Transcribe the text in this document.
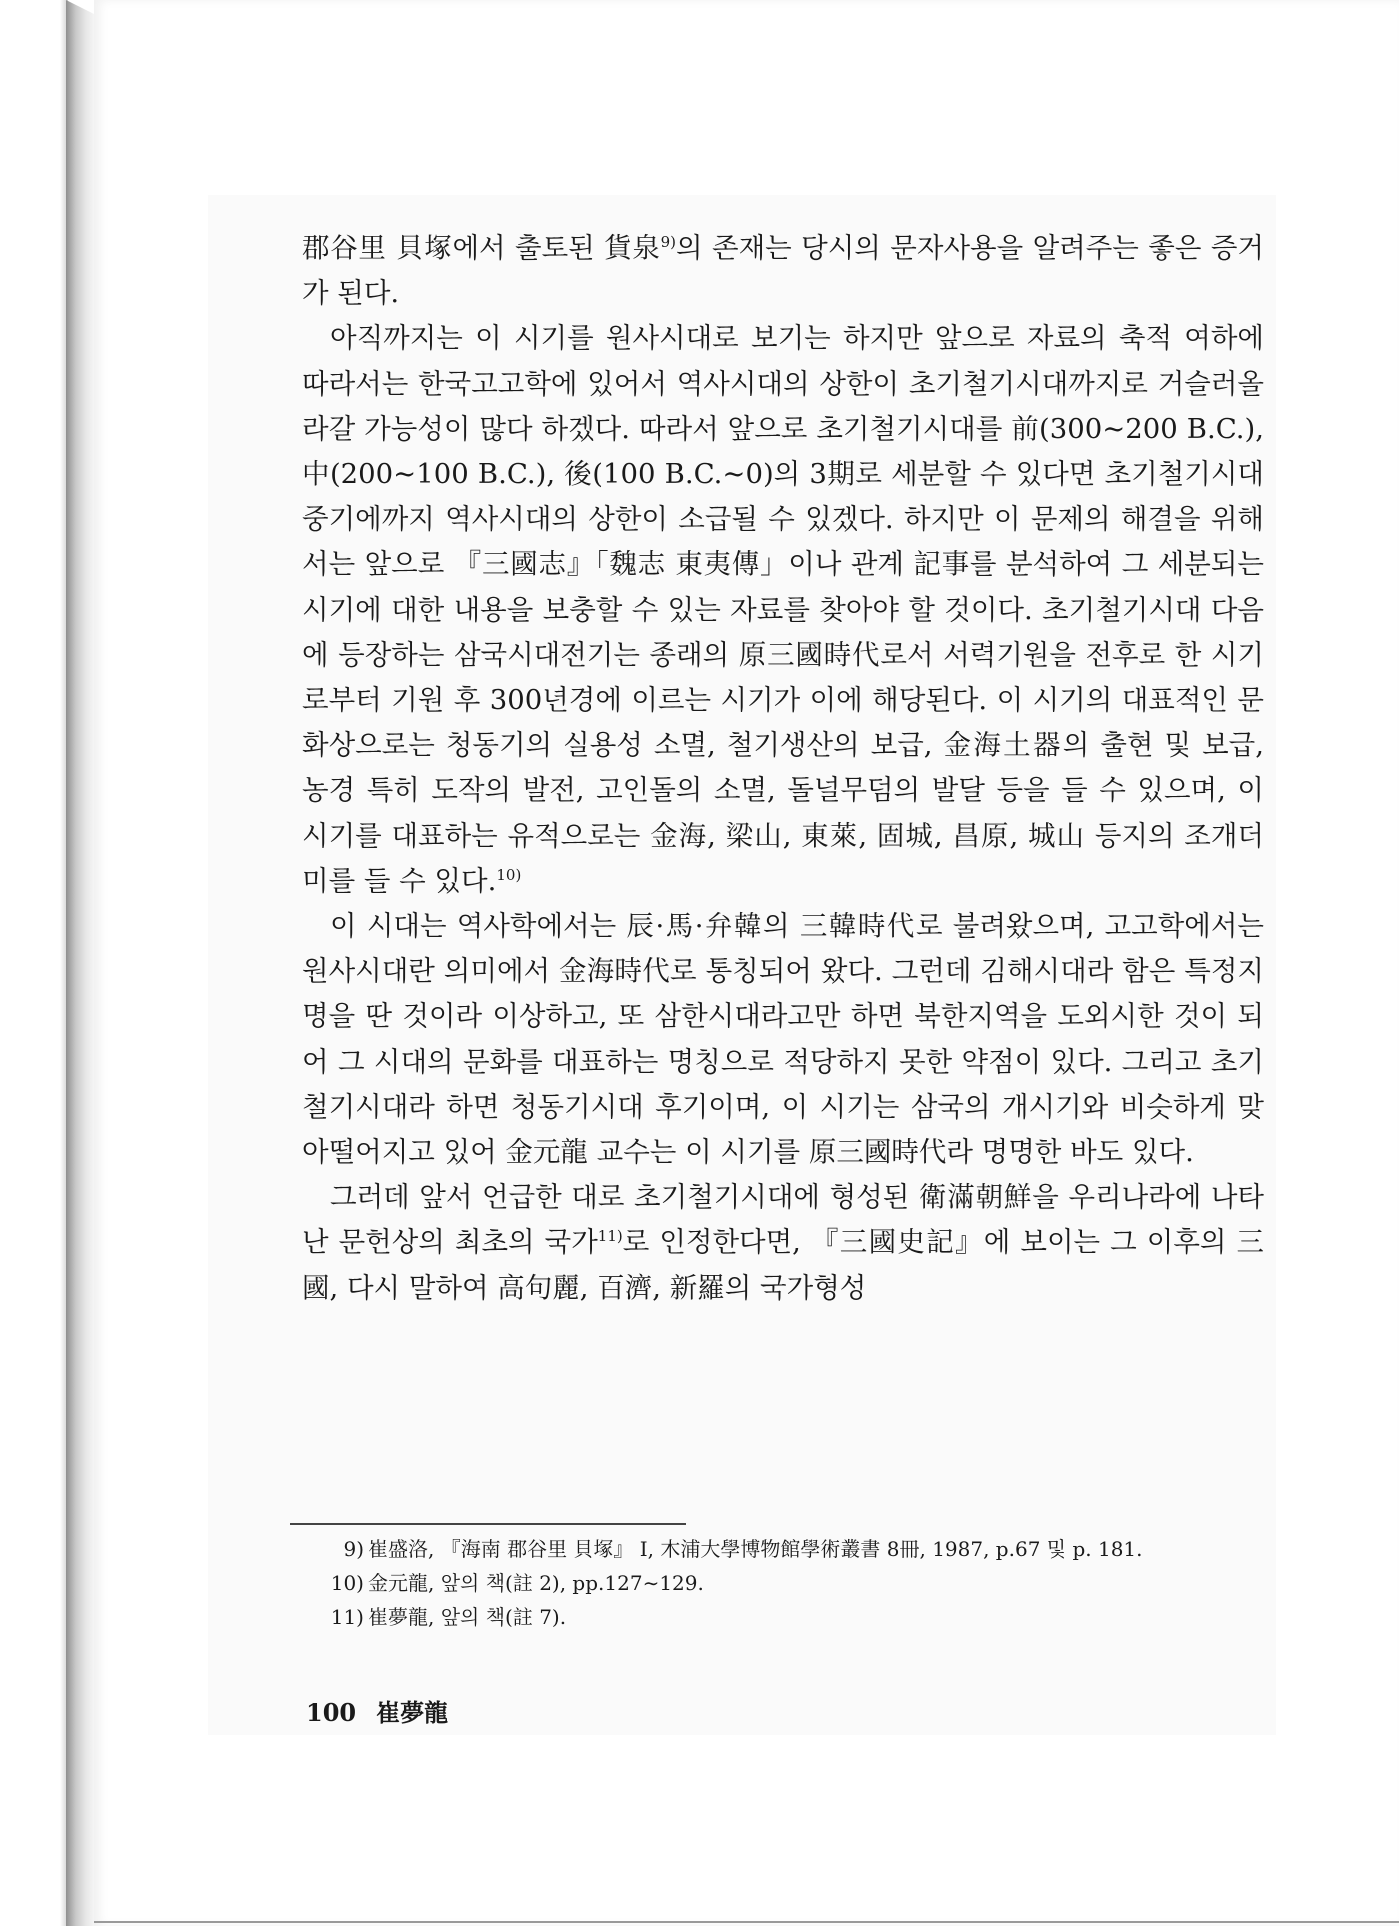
郡谷里 貝塚에서 출토된 貨泉$^{9)}$의 존재는 당시의 문자사용을 알려주는 좋은 증거가 된다.

아직까지는 이 시기를 원사시대로 보기는 하지만 앞으로 자료의 축적 여하에 따라서는 한국고고학에 있어서 역사시대의 상한이 초기철기시대까지로 거슬러올라갈 가능성이 많다 하겠다. 따라서 앞으로 초기철기시대를 前(300∼200 B.C.), 中(200∼100 B.C.), 後(100 B.C.∼0)의 3期로 세분할 수 있다면 초기철기시대 중기에까지 역사시대의 상한이 소급될 수 있겠다. 하지만 이 문제의 해결을 위해서는 앞으로 『三國志』「魏志 東夷傳」이나 관계 記事를 분석하여 그 세분되는 시기에 대한 내용을 보충할 수 있는 자료를 찾아야 할 것이다. 초기철기시대 다음에 등장하는 삼국시대전기는 종래의 原三國時代로서 서력기원을 전후로 한 시기로부터 기원 후 300년경에 이르는 시기가 이에 해당된다. 이 시기의 대표적인 문화상으로는 청동기의 실용성 소멸, 철기생산의 보급, 金海土器의 출현 및 보급, 농경 특히 도작의 발전, 고인돌의 소멸, 돌널무덤의 발달 등을 들 수 있으며, 이 시기를 대표하는 유적으로는 金海, 梁山, 東萊, 固城, 昌原, 城山 등지의 조개더미를 들 수 있다.$^{10)}$

이 시대는 역사학에서는 辰·馬·弁韓의 三韓時代로 불려왔으며, 고고학에서는 원사시대란 의미에서 金海時代로 통칭되어 왔다. 그런데 김해시대라 함은 특정지명을 딴 것이라 이상하고, 또 삼한시대라고만 하면 북한지역을 도외시한 것이 되어 그 시대의 문화를 대표하는 명칭으로 적당하지 못한 약점이 있다. 그리고 초기철기시대라 하면 청동기시대 후기이며, 이 시기는 삼국의 개시기와 비슷하게 맞아떨어지고 있어 金元龍 교수는 이 시기를 原三國時代라 명명한 바도 있다.

그러데 앞서 언급한 대로 초기철기시대에 형성된 衛滿朝鮮을 우리나라에 나타난 문헌상의 최초의 국가$^{11)}$로 인정한다면, 『三國史記』에 보이는 그 이후의 三國, 다시 말하여 高句麗, 百濟, 新羅의 국가형성

9) 崔盛洛, 『海南 郡谷里 貝塚』 I, 木浦大學博物館學術叢書 8冊, 1987, p.67 및 p. 181.
10) 金元龍, 앞의 책(註 2), pp.127∼129.
11) 崔夢龍, 앞의 책(註 7).
100 崔夢龍
